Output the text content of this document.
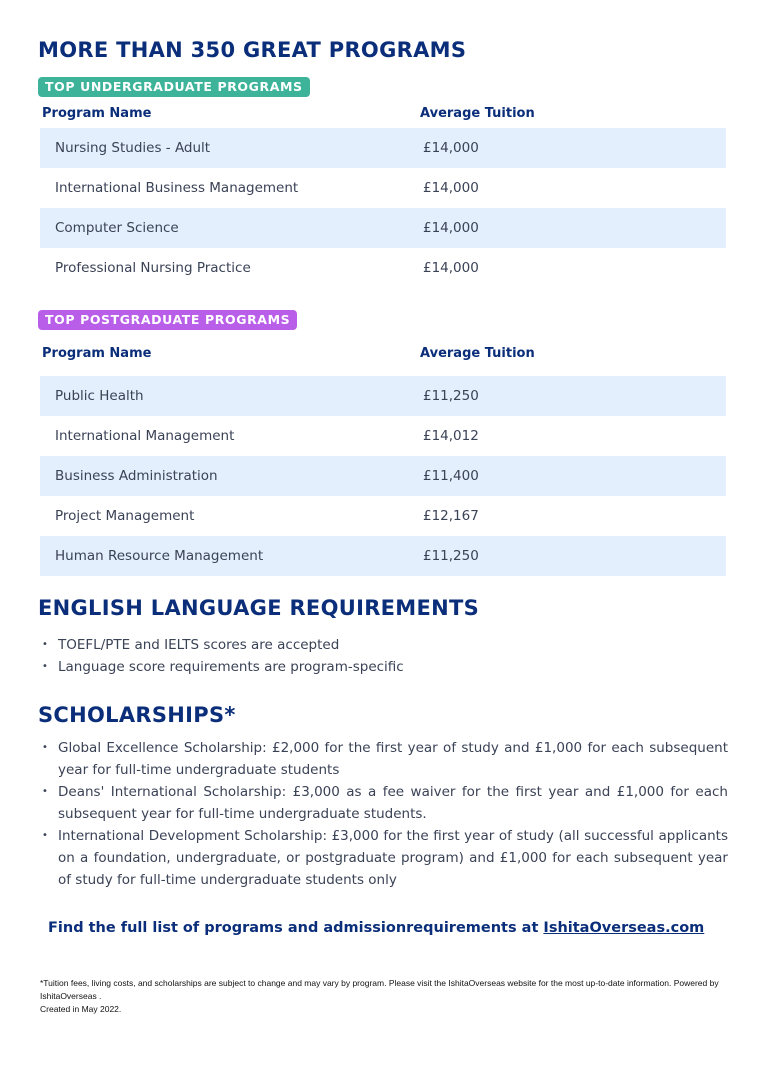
MORE THAN 350 GREAT PROGRAMS
TOP UNDERGRADUATE PROGRAMS
Program Name	Average Tuition
Nursing Studies - Adult	£14,000
International Business Management	£14,000
Computer Science	£14,000
Professional Nursing Practice	£14,000
TOP POSTGRADUATE PROGRAMS
Program Name	Average Tuition
Public Health	£11,250
International Management	£14,012
Business Administration	£11,400
Project Management	£12,167
Human Resource Management	£11,250
ENGLISH LANGUAGE REQUIREMENTS
• TOEFL/PTE and IELTS scores are accepted
• Language score requirements are program-specific
SCHOLARSHIPS*
• Global Excellence Scholarship: £2,000 for the first year of study and £1,000 for each subsequent year for full-time undergraduate students
• Deans' International Scholarship: £3,000 as a fee waiver for the first year and £1,000 for each subsequent year for full-time undergraduate students.
• International Development Scholarship: £3,000 for the first year of study (all successful applicants on a foundation, undergraduate, or postgraduate program) and £1,000 for each subsequent year of study for full-time undergraduate students only
Find the full list of programs and admissionrequirements at IshitaOverseas.com
*Tuition fees, living costs, and scholarships are subject to change and may vary by program. Please visit the IshitaOverseas website for the most up-to-date information. Powered by IshitaOverseas .
Created in May 2022.
